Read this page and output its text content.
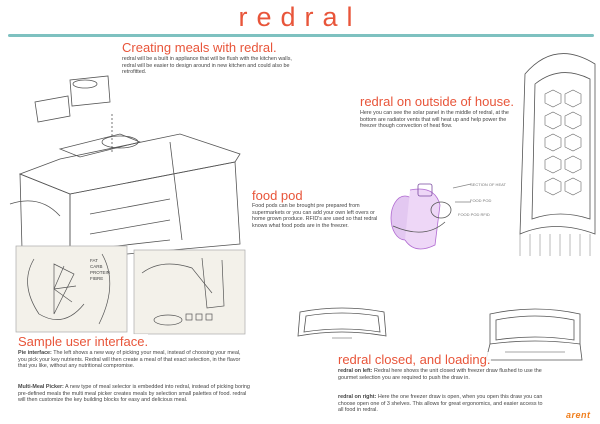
redral
SECTION OF HEAT
FOOD POD
FOOD POD RFID
FAT
CARB
PROTEIN
FIBRE
Creating meals with redral.
redral will be a built in appliance that will be flush with the kitchen walls, redral will be easier to design around in new kitchen and could also be retrofitted.
redral on outside of house.
Here you can see the solar panel in the middle of redral, at the bottom are radiator vents that will heat up and help power the freezer though convection of heat flow.
food pod
Food pods can be brought pre prepared from supermarkets or you can add your own left overs or home grown produce. RFID's are used so that redral knows what food pods are in the freezer.
Sample user interface.
Pie interface: The left shows a new way of picking your meal, instead of choosing your meal, you pick your key nutrients. Redral will then create a meal of that exact selection, in the flavor that you like, without any nutritional compromise.
Multi-Meal Picker: A new type of meal selector is embedded into redral, instead of picking boring pre-defined meals the multi meal picker creates meals by selection small palettes of food. redral will then customize the key building blocks for easy and delicious meal.
redral closed, and loading.
redral on left: Redral here shows the unit closed with freezer draw flushed to use the gourmet selection you are required to push the draw in.
redral on right: Here the one freezer draw is open, when you open this draw you can choose open one of 3 shelves. This allows for great ergonomics, and easier access to all food in redral.	arent
